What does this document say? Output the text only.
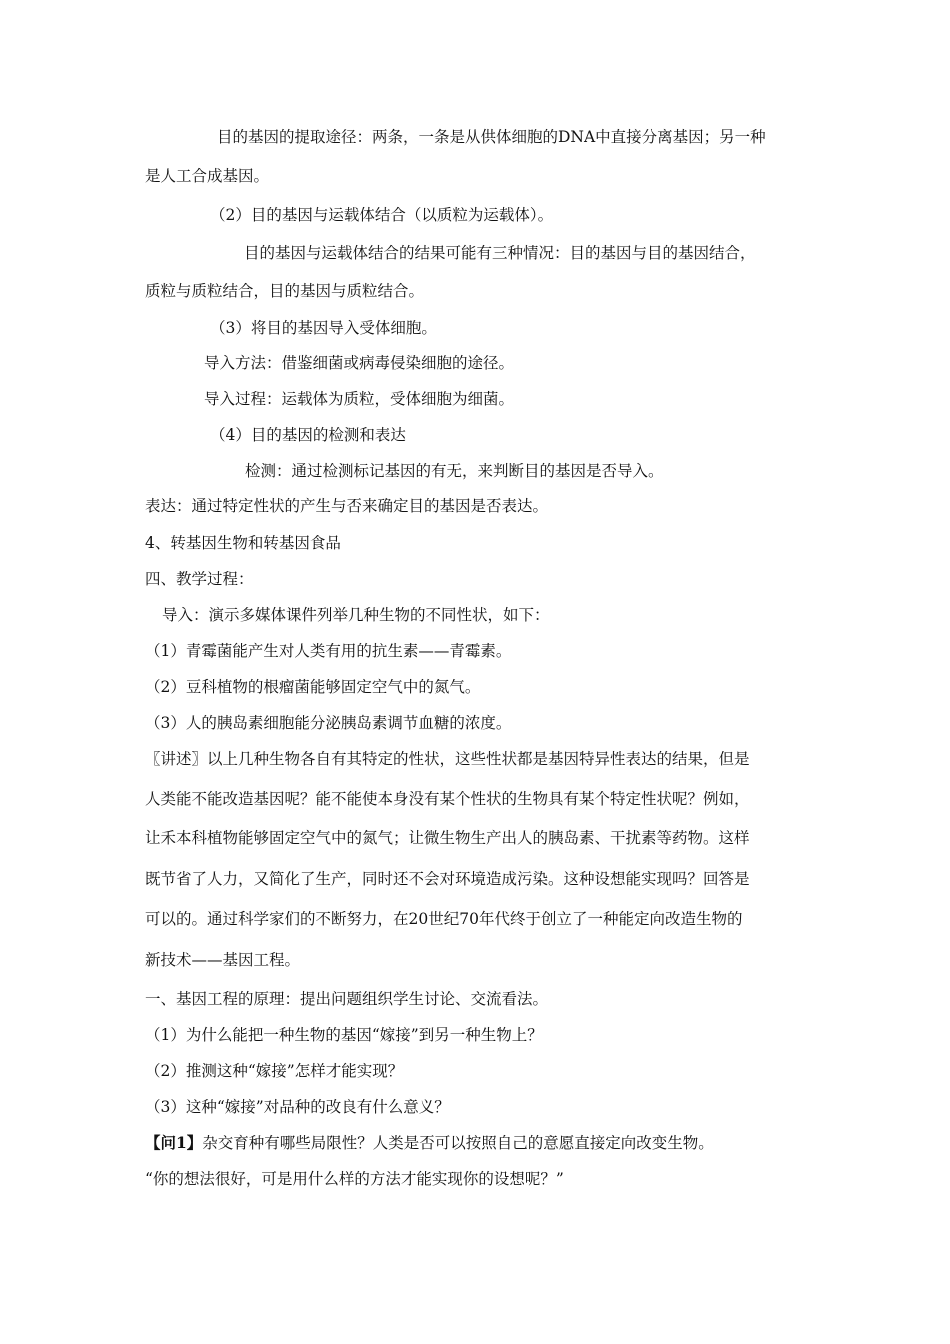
目的基因的提取途径：两条，一条是从供体细胞的DNA中直接分离基因；另一种
是人工合成基因。
（2）目的基因与运载体结合（以质粒为运载体）。
目的基因与运载体结合的结果可能有三种情况：目的基因与目的基因结合，
质粒与质粒结合，目的基因与质粒结合。
（3）将目的基因导入受体细胞。
导入方法：借鉴细菌或病毒侵染细胞的途径。
导入过程：运载体为质粒，受体细胞为细菌。
（4）目的基因的检测和表达
检测：通过检测标记基因的有无，来判断目的基因是否导入。
表达：通过特定性状的产生与否来确定目的基因是否表达。
4、转基因生物和转基因食品
四、教学过程：
导入：演示多媒体课件列举几种生物的不同性状，如下：
（1）青霉菌能产生对人类有用的抗生素——青霉素。
（2）豆科植物的根瘤菌能够固定空气中的氮气。
（3）人的胰岛素细胞能分泌胰岛素调节血糖的浓度。
〖讲述〗以上几种生物各自有其特定的性状，这些性状都是基因特异性表达的结果，但是
人类能不能改造基因呢？能不能使本身没有某个性状的生物具有某个特定性状呢？例如，
让禾本科植物能够固定空气中的氮气；让微生物生产出人的胰岛素、干扰素等药物。这样
既节省了人力，又简化了生产，同时还不会对环境造成污染。这种设想能实现吗？回答是
可以的。通过科学家们的不断努力，在20世纪70年代终于创立了一种能定向改造生物的
新技术——基因工程。
一、基因工程的原理：提出问题组织学生讨论、交流看法。
（1）为什么能把一种生物的基因“嫁接”到另一种生物上？
（2）推测这种“嫁接”怎样才能实现？
（3）这种“嫁接”对品种的改良有什么意义？
【问1】杂交育种有哪些局限性？人类是否可以按照自己的意愿直接定向改变生物。
“你的想法很好，可是用什么样的方法才能实现你的设想呢？”
